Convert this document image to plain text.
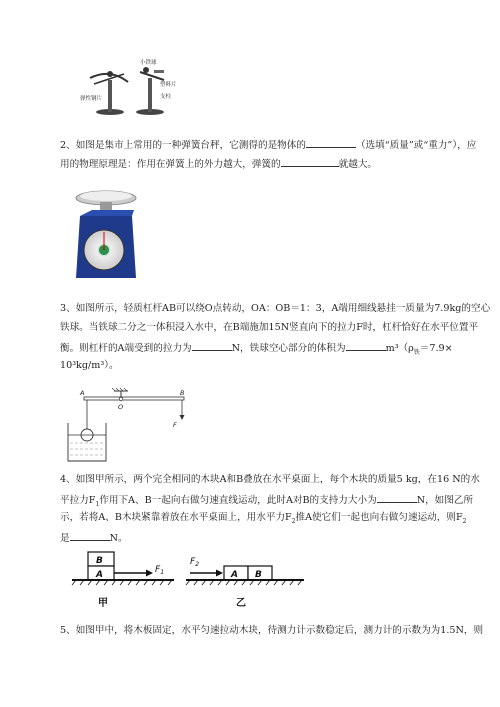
小铁球
塑料片
弹性钢片	支柱
2、如图是集市上常用的一种弹簧台秤，它测得的是物体的	（选填“质量”或“重力”），应
用的物理原理是：作用在弹簧上的外力越大，弹簧的	就越大。
3、如图所示，轻质杠杆AB可以绕O点转动，OA：OB＝1：3，A端用细线悬挂一质量为7.9kg的空心
铁球。当铁球二分之一体积浸入水中，在B端施加15N竖直向下的拉力F时，杠杆恰好在水平位置平
衡。则杠杆的A端受到的拉力为	N，铁球空心部分的体积为	$m^3(\rho_铁=7.9\times$
10³kg/m³）。
A
O
B
F
4、如图甲所示，两个完全相同的木块A和B叠放在水平桌面上，每个木块的质量5 kg，在16 N的水
平拉力$F_1$作用下A、B一起向右做匀速直线运动，此时A对B的支持力大小为	N，如图乙所
示，若将A、B木块紧靠着放在水平桌面上，用水平力$F_2$推A使它们一起也向右做匀速运动，则$F_2$
是	N。
B
A	$F_1$
甲
$F_2$
A B
乙
5、如图甲中，将木板固定，水平匀速拉动木块，待测力计示数稳定后，测力计的示数为为1.5N，则
